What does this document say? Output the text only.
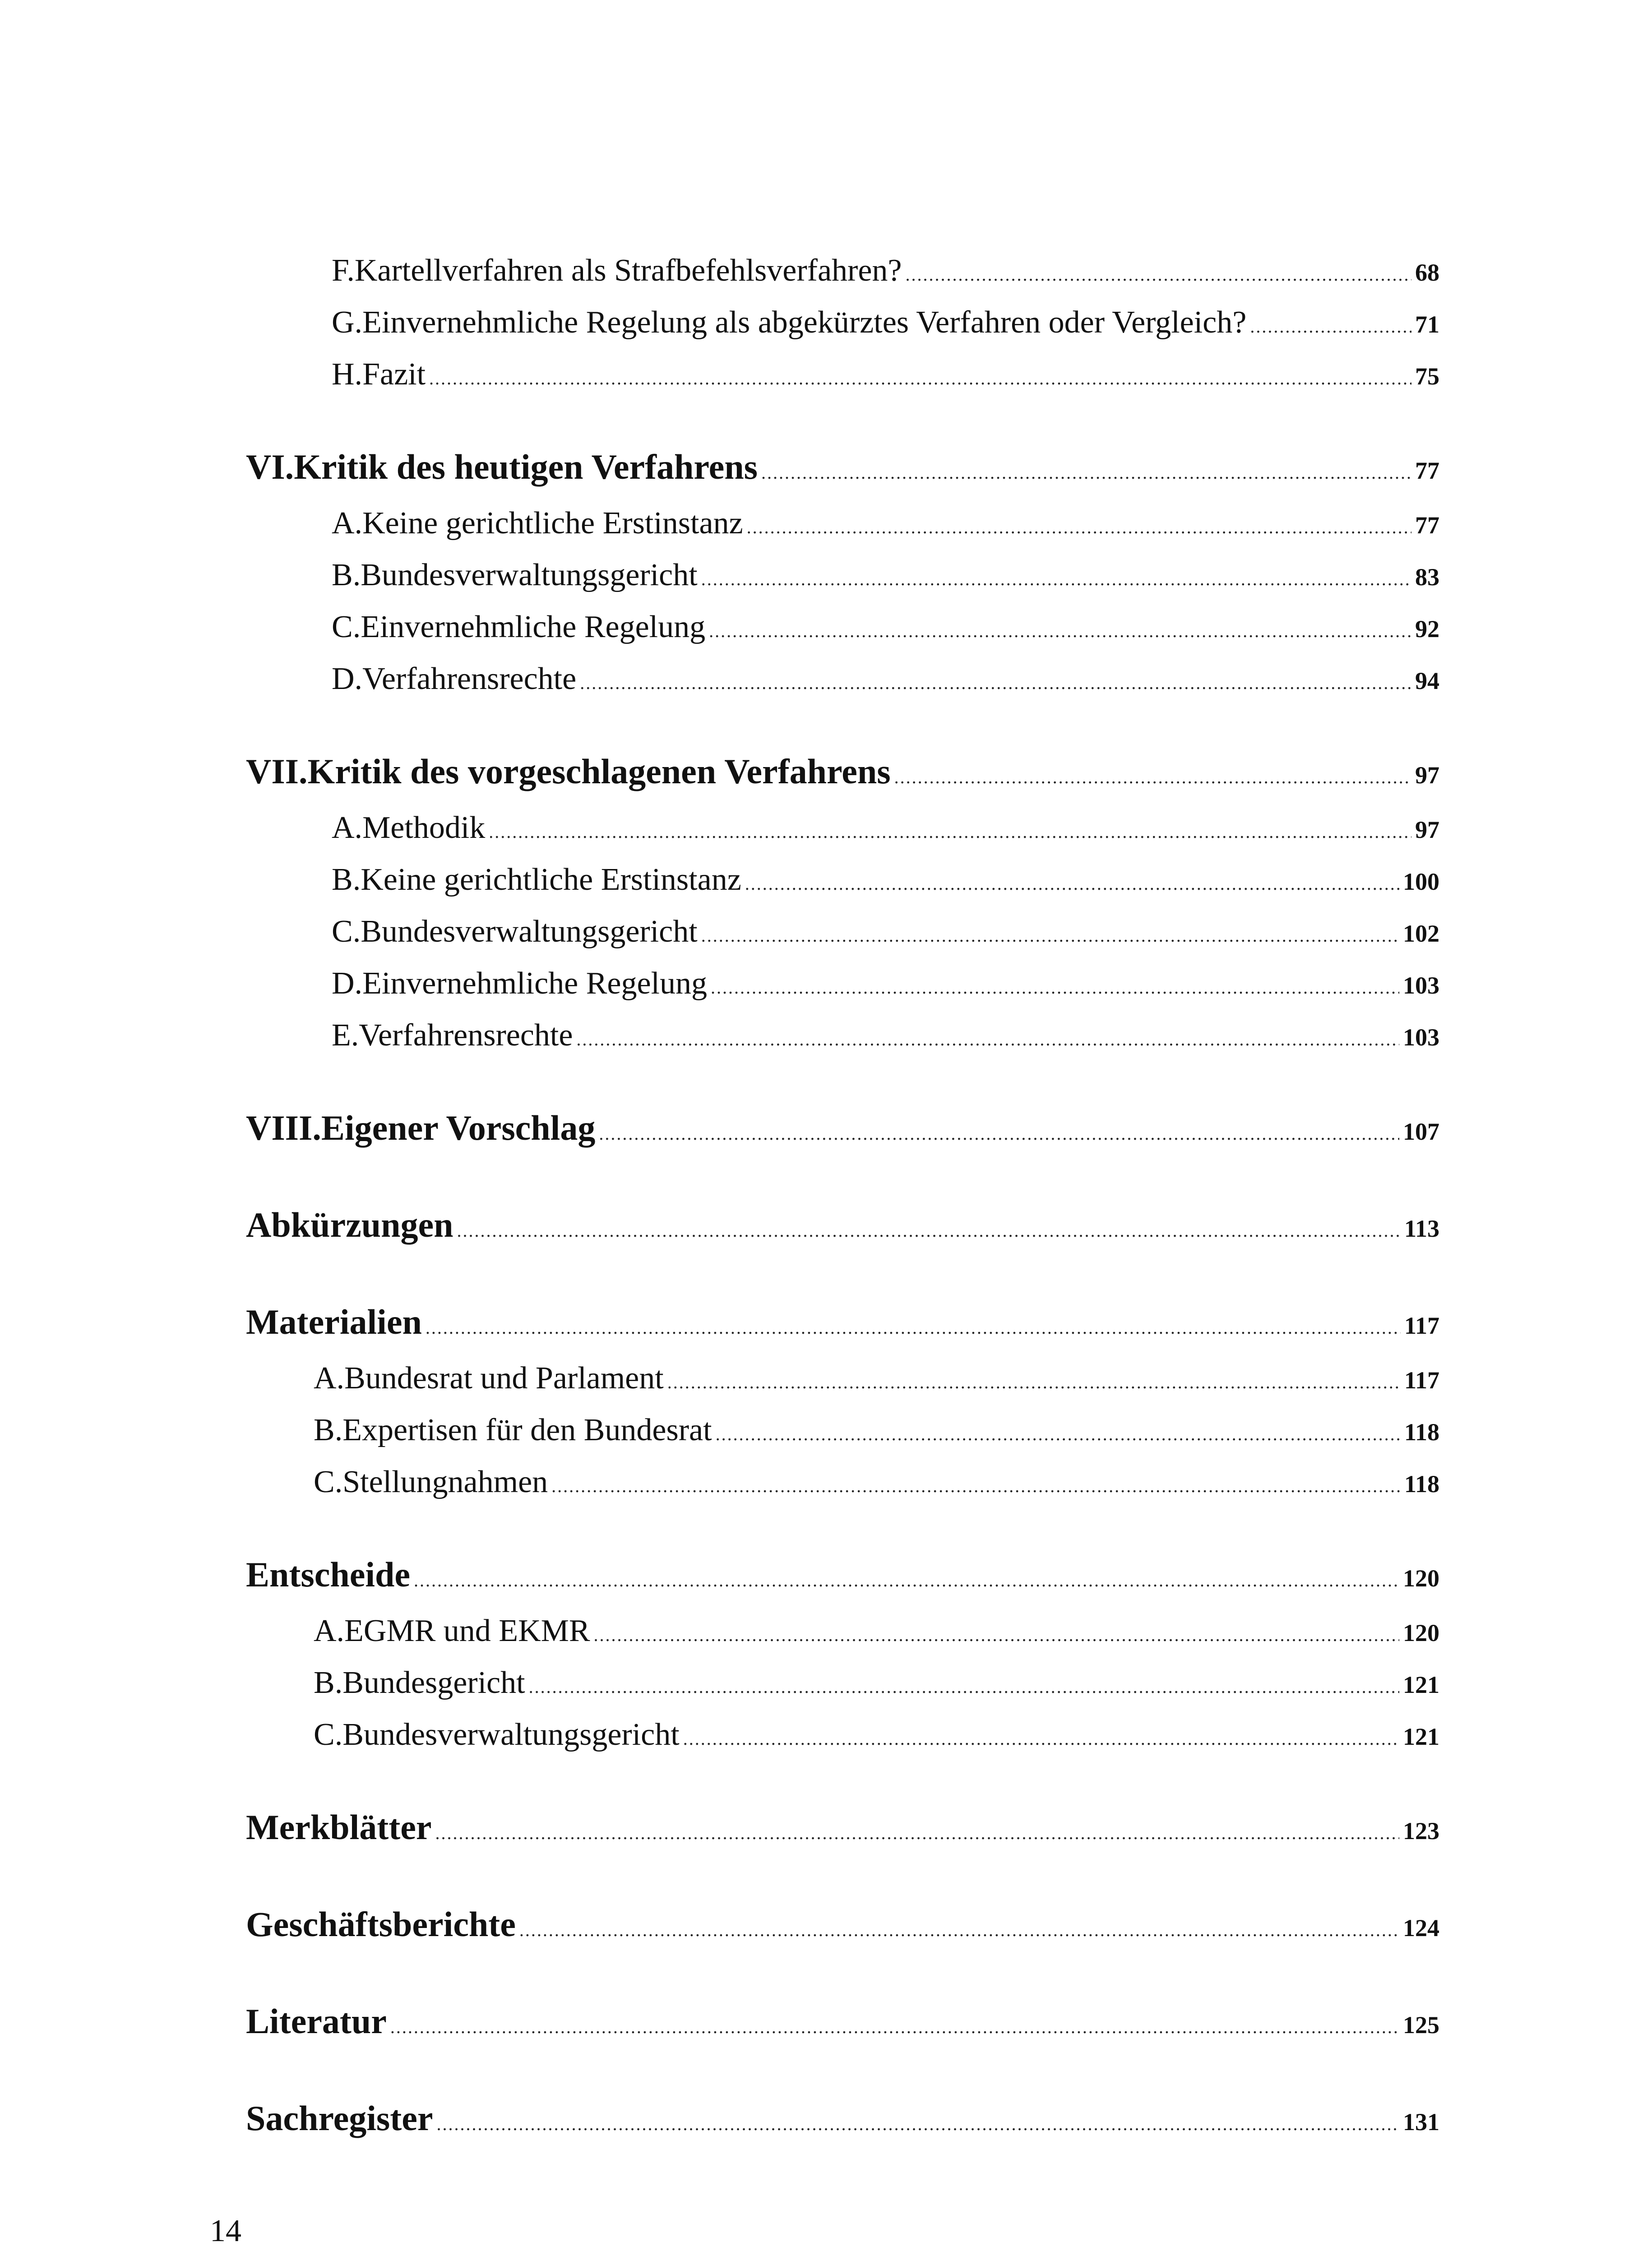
F. Kartellverfahren als Strafbefehlsverfahren? .....	68
G. Einvernehmliche Regelung als abgekürztes Verfahren oder Vergleich? .....	71
H. Fazit .....	75
VI. Kritik des heutigen Verfahrens .....	77
A. Keine gerichtliche Erstinstanz .....	77
B. Bundesverwaltungsgericht .....	83
C. Einvernehmliche Regelung .....	92
D. Verfahrensrechte .....	94
VII. Kritik des vorgeschlagenen Verfahrens .....	97
A. Methodik .....	97
B. Keine gerichtliche Erstinstanz .....	100
C. Bundesverwaltungsgericht .....	102
D. Einvernehmliche Regelung .....	103
E. Verfahrensrechte .....	103
VIII. Eigener Vorschlag .....	107
Abkürzungen .....	113
Materialien .....	117
A. Bundesrat und Parlament .....	117
B. Expertisen für den Bundesrat .....	118
C. Stellungnahmen .....	118
Entscheide .....	120
A. EGMR und EKMR .....	120
B. Bundesgericht .....	121
C. Bundesverwaltungsgericht .....	121
Merkblätter .....	123
Geschäftsberichte .....	124
Literatur .....	125
Sachregister .....	131
14
